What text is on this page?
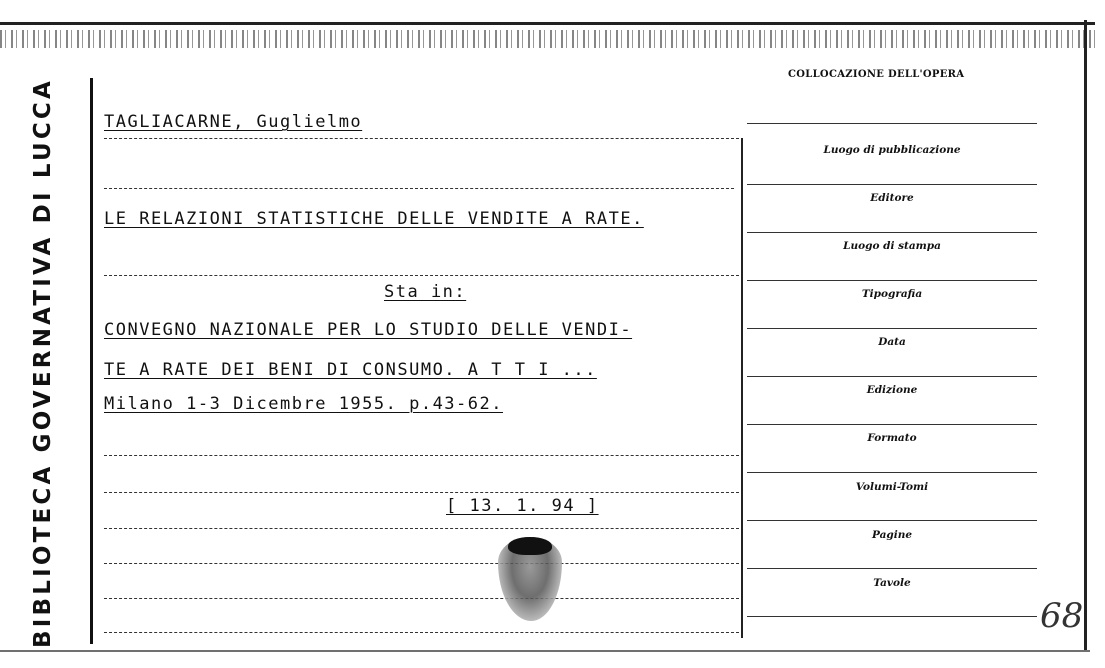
BIBLIOTECA GOVERNATIVA DI LUCCA	TAGLIACARNE, Guglielmo
LE RELAZIONI STATISTICHE DELLE VENDITE A RATE.
Sta in:
CONVEGNO NAZIONALE PER LO STUDIO DELLE VENDI-
TE A RATE DEI BENI DI CONSUMO. A T T I ...
Milano 1-3 Dicembre 1955. p.43-62.
[ 13. 1. 94 ]
COLLOCAZIONE DELL'OPERA
Luogo di pubblicazione
Editore
Luogo di stampa
Tipografia
Data
Edizione
Formato
Volumi-Tomi
Pagine
Tavole
68
